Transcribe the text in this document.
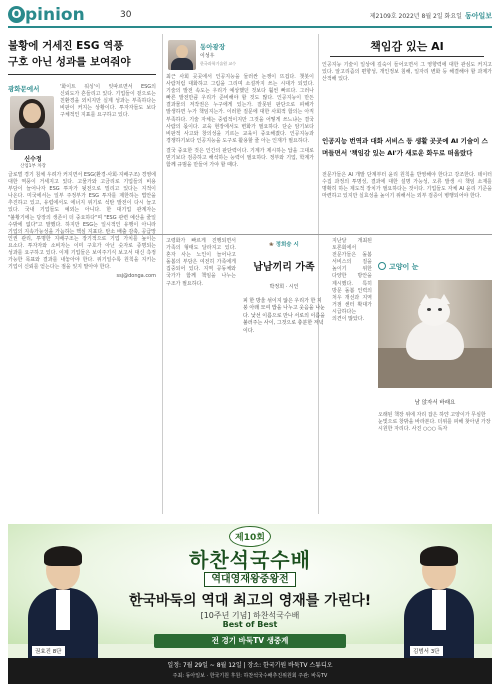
O pinion	30	제2109호 2022년 8월 2일 화요일 동아일보
불황에 거세진 ESG 역풍
구호 아닌 성과를 보여줘야
광화문에서
신수정
산업1부 차장
'화이트 워싱'이 잇따르면서 ESG의 신뢰도가 흔들리고 있다. 기업들이 겉으로는 친환경을 외치지만 실제 성과는 부족하다는 비판이 커지는 상황이다. 투자자들도 보다 구체적인 지표를 요구하고 있다.
글로벌 경기 침체 우려가 커지면서 ESG(환경·사회·지배구조) 경영에 대한 역풍이 거세지고 있다. 고물가와 고금리로 기업들의 비용 부담이 늘어나자 ESG 투자가 뒷전으로 밀리고 있다는 지적이 나온다. 미국에서는 일부 주정부가 ESG 투자를 제한하는 법안을 추진하고 있고, 유럽에서도 에너지 위기로 석탄 발전이 다시 늘고 있다. 국내 기업들도 예외는 아니다. 한 대기업 관계자는 "불황기에는 당장의 생존이 더 중요하다"며 "ESG 관련 예산을 줄일 수밖에 없다"고 말했다. 하지만 ESG는 일시적인 유행이 아니라 기업의 지속가능성을 가늠하는 핵심 지표다. 탄소 배출 감축, 공급망 인권 관리, 투명한 지배구조는 장기적으로 기업 가치를 높이는 요소다. 투자자와 소비자는 이미 구호가 아닌 숫자로 증명되는 성과를 요구하고 있다. 이제 기업들은 보여주기식 보고서 대신 측정 가능한 목표와 결과를 내놓아야 한다. 위기일수록 원칙을 지키는 기업이 신뢰를 얻는다는 점을 잊지 말아야 한다.
ssj@donga.com
동아광장
이성우
한국과학기술원 교수
최근 사회 곳곳에서 인공지능을 둘러싼 논쟁이 뜨겁다. 챗봇이 사람처럼 대화하고 그림을 그리며 소설까지 쓰는 시대가 되었다. 기술의 발전 속도는 우리가 예상했던 것보다 훨씬 빠르다. 그러나 빠른 발전만큼 우리가 준비해야 할 것도 많다. 인공지능이 만든 결과물의 저작권은 누구에게 있는가. 잘못된 판단으로 피해가 발생하면 누가 책임지는가. 이러한 질문에 대한 사회적 합의는 아직 부족하다. 기술 자체는 중립적이지만 그것을 어떻게 쓰느냐는 결국 사람의 몫이다. 교육 현장에서도 변화가 필요하다. 단순 암기보다 비판적 사고와 창의성을 기르는 교육이 중요해졌다. 인공지능과 경쟁하기보다 인공지능을 도구로 활용할 줄 아는 인재가 필요하다.
결국 중요한 것은 인간의 판단력이다. 기계가 제시하는 답을 그대로 믿기보다 검증하고 해석하는 능력이 필요하다. 정부와 기업, 학계가 함께 규범을 만들어 가야 할 때다.
책임감 있는 AI
인공지능 기술이 일상에 깊숙이 들어오면서 그 영향력에 대한 관심도 커지고 있다. 알고리즘의 편향성, 개인정보 침해, 일자리 변화 등 해결해야 할 과제가 산적해 있다.
인공지능 번역과 대화 서비스 등 생활 곳곳에 AI 기술이 스며들면서 '책임감 있는 AI'가 새로운 화두로 떠올랐다
전문가들은 AI 개발 단계부터 윤리 원칙을 반영해야 한다고 강조한다. 데이터 수집 과정의 투명성, 결과에 대한 설명 가능성, 오류 발생 시 책임 소재를 명확히 하는 제도적 장치가 필요하다는 것이다. 기업들도 자체 AI 윤리 기준을 마련하고 있지만 실효성을 높이기 위해서는 외부 검증이 병행되어야 한다.
고령화가 빠르게 진행되면서 가족의 형태도 달라지고 있다. 혼자 사는 노인이 늘어나고 돌봄의 부담은 여전히 가족에게 집중되어 있다. 지역 공동체와 국가가 함께 책임을 나누는 구조가 필요하다.
❀ 정희승 시
남남끼리 가족
박정희 · 시인
피 한 방울 섞이지 않은 우리가 한 지붕 아래 모여 밥을 나누고 웃음을 나눈다. 낯선 이름으로 만나 서로의 이름을 불러주는 사이, 그것으로 충분한 저녁이다.
지난달 개최된 토론회에서 전문가들은 돌봄 서비스의 질을 높이기 위한 다양한 방안을 제시했다. 특히 방문 돌봄 인력의 처우 개선과 지역 거점 센터 확대가 시급하다는 의견이 많았다.
고양이 눈
남 앉자서 바래요
오래된 책장 위에 자리 잡은 하얀 고양이가 무심한 눈빛으로 창밖을 바라본다. 더위를 피해 찾아낸 가장 시원한 자리다. 사진 ○○○ 독자
제10회
하찬석국수배
역대영재왕중왕전
한국바둑의 역대 최고의 영재를 가린다!
[10주년 기념] 하찬석국수배
Best of Best
전 경기 바둑TV 생중계
권효진 8단	김범서 3단
일정: 7월 29일 ~ 8월 12일 | 장소: 한국기원 바둑TV 스튜디오
주최: 동아일보 · 한국기원 후원: 하찬석국수배추진위원회 주관: 바둑TV
